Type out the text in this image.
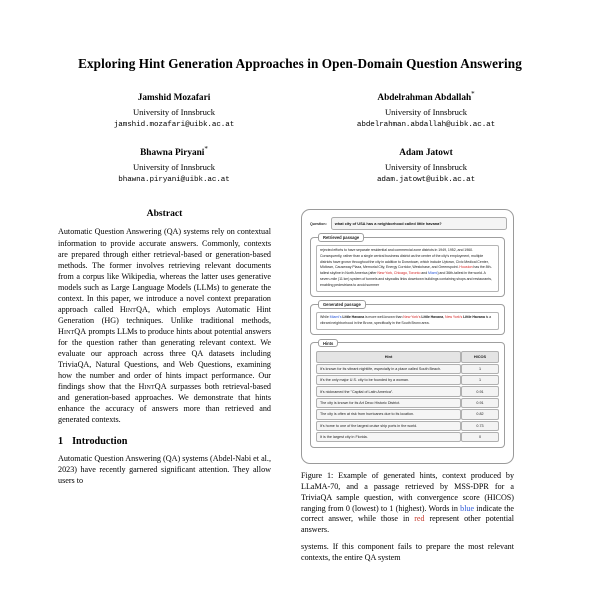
Exploring Hint Generation Approaches in Open-Domain Question Answering
Jamshid Mozafari
University of Innsbruck
jamshid.mozafari@uibk.ac.at
Abdelrahman Abdallah*
University of Innsbruck
abdelrahman.abdallah@uibk.ac.at
Bhawna Piryani*
University of Innsbruck
bhawna.piryani@uibk.ac.at
Adam Jatowt
University of Innsbruck
adam.jatowt@uibk.ac.at
Abstract

Automatic Question Answering (QA) systems rely on contextual information to provide accurate answers. Commonly, contexts are prepared through either retrieval-based or generation-based methods. The former involves retrieving relevant documents from a corpus like Wikipedia, whereas the latter uses generative models such as Large Language Models (LLMs) to generate the context. In this paper, we introduce a novel context preparation approach called HintQA, which employs Automatic Hint Generation (HG) techniques. Unlike traditional methods, HintQA prompts LLMs to produce hints about potential answers for the question rather than generating relevant context. We evaluate our approach across three QA datasets including TriviaQA, Natural Questions, and Web Questions, examining how the number and order of hints impact performance. Our findings show that the HintQA surpasses both retrieval-based and generation-based approaches. We demonstrate that hints enhance the accuracy of answers more than retrieved and generated contexts.

1 Introduction

Automatic Question Answering (QA) systems (Abdel-Nabi et al., 2023) have recently garnered significant attention. They allow users to

Question:	what city of USA has a neighborhood called little havana?
Retrieved passage
rejected efforts to have separate residential and commercial zone districts in 1949, 1952, and 1960. Consequently, rather than a single central business district as the center of the city's employment, multiple districts have grown throughout the city in addition to Downtown, which include Uptown, Civic Medical Center, Midtown, Causeway Plaza, Memorial City, Energy Corridor, Westchase, and Greenspoint. Houston has the 8th-tallest skyline in North America (after New York, Chicago, Toronto and Miami) and 36th-tallest in the world. A seven-mile (11 km) system of tunnels and skywalks links downtown buildings containing shops and restaurants, enabling pedestrians to avoid summer
Generated passage
While Miami's Little Havana is more well-known than New York's Little Havana, New York's Little Havana is a vibrant neighborhood in the Bronx, specifically in the South Bronx area.
Hints
Hint	HICOS
It's known for its vibrant nightlife, especially in a place called South Beach.	1
It's the only major U.S. city to be founded by a woman.	1
It's nicknamed the "Capital of Latin America".	0.91
The city is known for its Art Deco Historic District.	0.91
The city is often at risk from hurricanes due to its location.	0.82
It's home to one of the largest cruise ship ports in the world.	0.73
It is the largest city in Florida.	0
Figure 1: Example of generated hints, context produced by LLaMA-70, and a passage retrieved by MSS-DPR for a TriviaQA sample question, with convergence score (HICOS) ranging from 0 (lowest) to 1 (highest). Words in blue indicate the correct answer, while those in red represent other potential answers.

systems. If this component fails to prepare the most relevant contexts, the entire QA system
